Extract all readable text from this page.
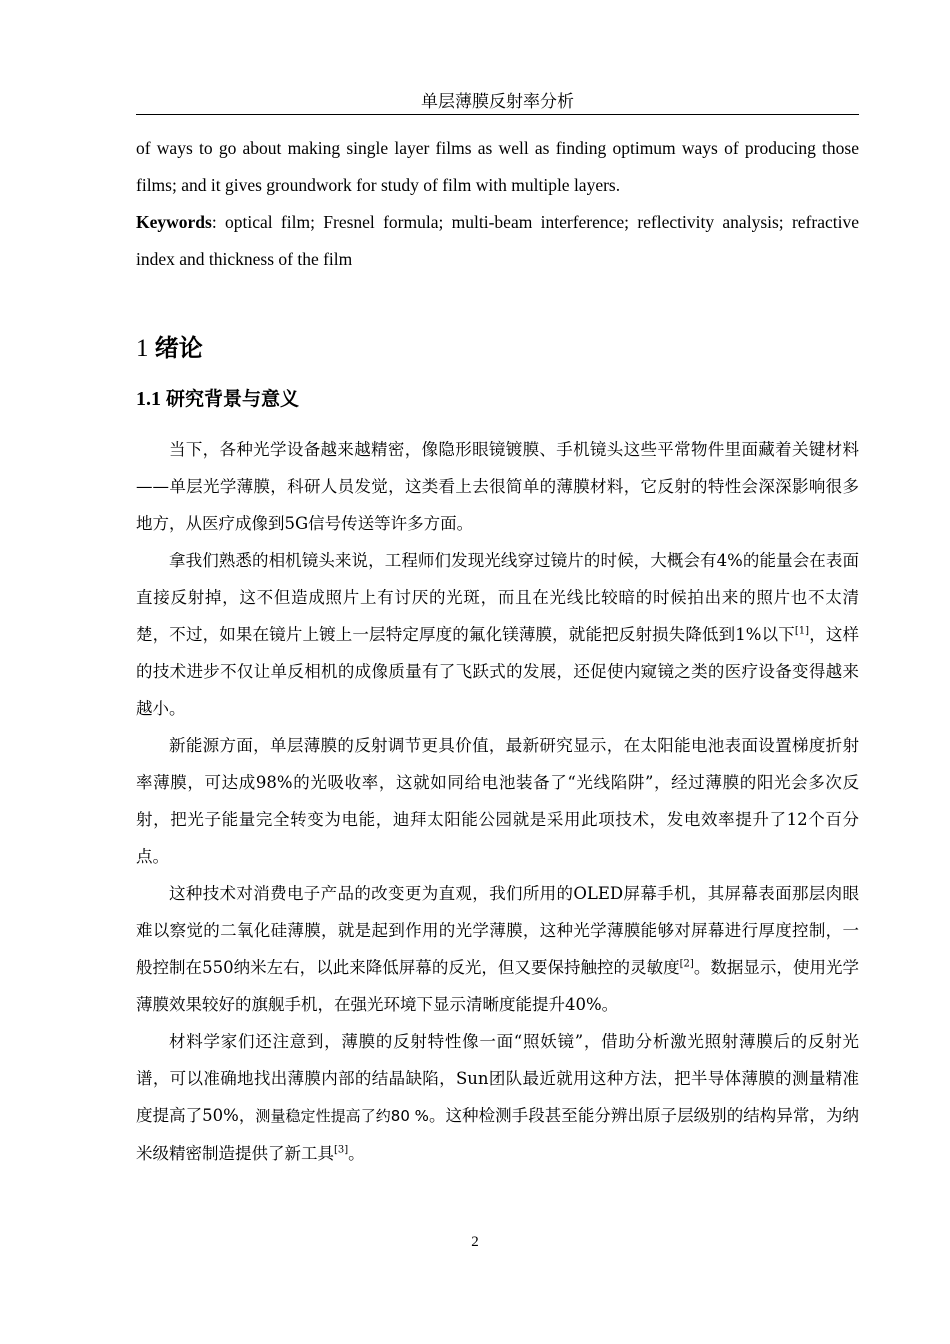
单层薄膜反射率分析

of ways to go about making single layer films as well as finding optimum ways of producing those films; and it gives groundwork for study of film with multiple layers.

Keywords: optical film; Fresnel formula; multi-beam interference; reflectivity analysis; refractive index and thickness of the film

1 绪论
1.1 研究背景与意义

当下，各种光学设备越来越精密，像隐形眼镜镀膜、手机镜头这些平常物件里面藏着关键材料——单层光学薄膜，科研人员发觉，这类看上去很简单的薄膜材料，它反射的特性会深深影响很多地方，从医疗成像到5G信号传送等许多方面。

拿我们熟悉的相机镜头来说，工程师们发现光线穿过镜片的时候，大概会有4%的能量会在表面直接反射掉，这不但造成照片上有讨厌的光斑，而且在光线比较暗的时候拍出来的照片也不太清楚，不过，如果在镜片上镀上一层特定厚度的氟化镁薄膜，就能把反射损失降低到1%以下[1]，这样的技术进步不仅让单反相机的成像质量有了飞跃式的发展，还促使内窥镜之类的医疗设备变得越来越小。

新能源方面，单层薄膜的反射调节更具价值，最新研究显示，在太阳能电池表面设置梯度折射率薄膜，可达成98%的光吸收率，这就如同给电池装备了“光线陷阱”，经过薄膜的阳光会多次反射，把光子能量完全转变为电能，迪拜太阳能公园就是采用此项技术，发电效率提升了12个百分点。

这种技术对消费电子产品的改变更为直观，我们所用的OLED屏幕手机，其屏幕表面那层肉眼难以察觉的二氧化硅薄膜，就是起到作用的光学薄膜，这种光学薄膜能够对屏幕进行厚度控制，一般控制在550纳米左右，以此来降低屏幕的反光，但又要保持触控的灵敏度[2]。数据显示，使用光学薄膜效果较好的旗舰手机，在强光环境下显示清晰度能提升40%。

材料学家们还注意到，薄膜的反射特性像一面“照妖镜”，借助分析激光照射薄膜后的反射光谱，可以准确地找出薄膜内部的结晶缺陷，Sun团队最近就用这种方法，把半导体薄膜的测量精准度提高了50%，测量稳定性提高了约80 %。这种检测手段甚至能分辨出原子层级别的结构异常，为纳米级精密制造提供了新工具[3]。

2
